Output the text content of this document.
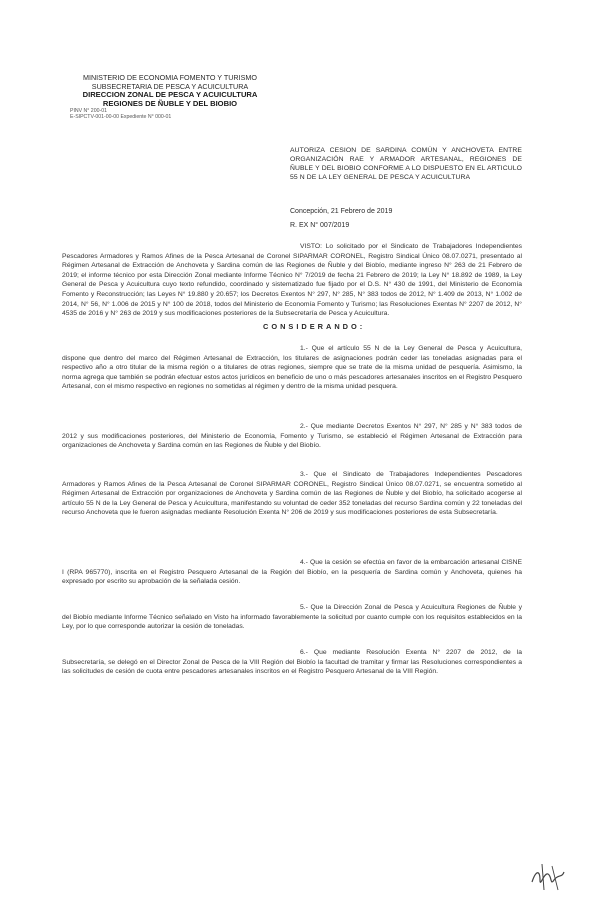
MINISTERIO DE ECONOMIA FOMENTO Y TURISMO
SUBSECRETARIA DE PESCA Y ACUICULTURA
DIRECCION ZONAL DE PESCA Y ACUICULTURA
REGIONES DE ÑUBLE Y DEL BIOBIO
PINV N° 200-01
E-SIPCTV-001-00-00 Expediente N° 000-01
AUTORIZA CESION DE SARDINA COMÚN Y ANCHOVETA ENTRE ORGANIZACIÓN RAE Y ARMADOR ARTESANAL, REGIONES DE ÑUBLE Y DEL BIOBIO CONFORME A LO DISPUESTO EN EL ARTICULO 55 N DE LA LEY GENERAL DE PESCA Y ACUICULTURA
Concepción, 21 Febrero de 2019
R. EX N° 007/2019
VISTO: Lo solicitado por el Sindicato de Trabajadores Independientes Pescadores Armadores y Ramos Afines de la Pesca Artesanal de Coronel SIPARMAR CORONEL, Registro Sindical Único 08.07.0271, presentado al Régimen Artesanal de Extracción de Anchoveta y Sardina común de las Regiones de Ñuble y del Biobío, mediante ingreso N° 263 de 21 Febrero de 2019; el informe técnico por esta Dirección Zonal mediante Informe Técnico N° 7/2019 de fecha 21 Febrero de 2019; la Ley N° 18.892 de 1989, la Ley General de Pesca y Acuicultura cuyo texto refundido, coordinado y sistematizado fue fijado por el D.S. N° 430 de 1991, del Ministerio de Economía Fomento y Reconstrucción; las Leyes N° 19.880 y 20.657; los Decretos Exentos N° 297, N° 285, N° 383 todos de 2012, N° 1.409 de 2013, N° 1.002 de 2014, N° 56, N° 1.006 de 2015 y N° 100 de 2018, todos del Ministerio de Economía Fomento y Turismo; las Resoluciones Exentas N° 2207 de 2012, N° 4535 de 2016 y N° 263 de 2019 y sus modificaciones posteriores de la Subsecretaría de Pesca y Acuicultura.
CONSIDERANDO:
1.- Que el artículo 55 N de la Ley General de Pesca y Acuicultura, dispone que dentro del marco del Régimen Artesanal de Extracción, los titulares de asignaciones podrán ceder las toneladas asignadas para el respectivo año a otro titular de la misma región o a titulares de otras regiones, siempre que se trate de la misma unidad de pesquería. Asimismo, la norma agrega que también se podrán efectuar estos actos jurídicos en beneficio de uno o más pescadores artesanales inscritos en el Registro Pesquero Artesanal, con el mismo respectivo en regiones no sometidas al régimen y dentro de la misma unidad pesquera.
2.- Que mediante Decretos Exentos N° 297, N° 285 y N° 383 todos de 2012 y sus modificaciones posteriores, del Ministerio de Economía, Fomento y Turismo, se estableció el Régimen Artesanal de Extracción para organizaciones de Anchoveta y Sardina común en las Regiones de Ñuble y del Biobío.
3.- Que el Sindicato de Trabajadores Independientes Pescadores Armadores y Ramos Afines de la Pesca Artesanal de Coronel SIPARMAR CORONEL, Registro Sindical Único 08.07.0271, se encuentra sometido al Régimen Artesanal de Extracción por organizaciones de Anchoveta y Sardina común de las Regiones de Ñuble y del Biobío, ha solicitado acogerse al artículo 55 N de la Ley General de Pesca y Acuicultura, manifestando su voluntad de ceder 352 toneladas del recurso Sardina común y 22 toneladas del recurso Anchoveta que le fueron asignadas mediante Resolución Exenta N° 206 de 2019 y sus modificaciones posteriores de esta Subsecretaría.
4.- Que la cesión se efectúa en favor de la embarcación artesanal CISNE I (RPA 965770), inscrita en el Registro Pesquero Artesanal de la Región del Biobío, en la pesquería de Sardina común y Anchoveta, quienes ha expresado por escrito su aprobación de la señalada cesión.
5.- Que la Dirección Zonal de Pesca y Acuicultura Regiones de Ñuble y del Biobío mediante Informe Técnico señalado en Visto ha informado favorablemente la solicitud por cuanto cumple con los requisitos establecidos en la Ley, por lo que corresponde autorizar la cesión de toneladas.
6.- Que mediante Resolución Exenta N° 2207 de 2012, de la Subsecretaría, se delegó en el Director Zonal de Pesca de la VIII Región del Biobío la facultad de tramitar y firmar las Resoluciones correspondientes a las solicitudes de cesión de cuota entre pescadores artesanales inscritos en el Registro Pesquero Artesanal de la VIII Región.
